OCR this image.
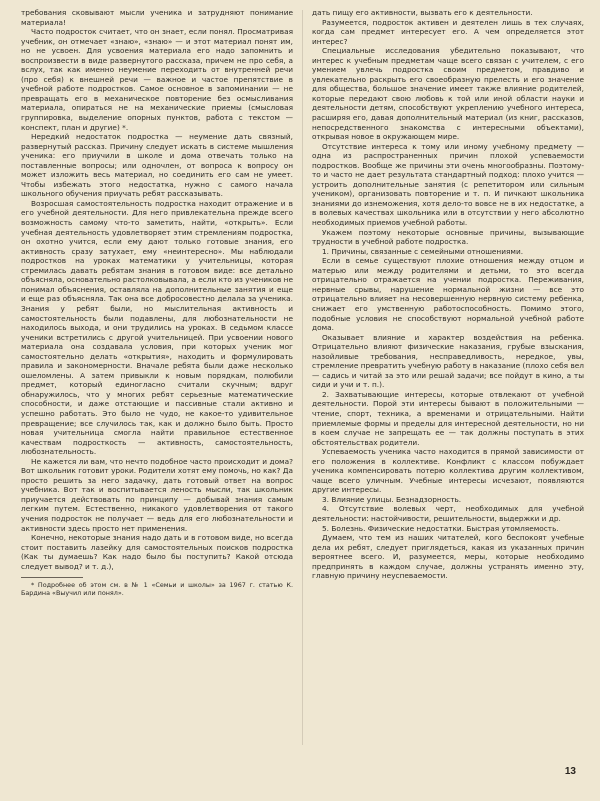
требования сковывают мысли ученика и затрудняют понимание материала!

Часто подросток считает, что он знает, если понял. Просматривая учебник, он отмечает «знаю», «знаю» — и этот материал понят им, но не усвоен. Для усвоения материала его надо запомнить и воспроизвести в виде развернутого рассказа, причем не про себя, а вслух, так как именно неумение переходить от внутренней речи (про себя) к внешней речи — важное и частое препятствие в учебной работе подростков. Самое основное в запоминании — не превращать его в механическое повторение без осмысливания материала, опираться не на механические приемы (смысловая группировка, выделение опорных пунктов, работа с текстом — конспект, план и другие) *.

Нередкий недостаток подростка — неумение дать связный, развернутый рассказ. Причину следует искать в системе мышления ученика: его приучили в школе и дома отвечать только на поставленные вопросы; или одночлен, от вопроса к вопросу он может изложить весь материал, но соединить его сам не умеет. Чтобы избежать этого недостатка, нужно с самого начала школьного обучения приучать ребят рассказывать.

Возросшая самостоятельность подростка находит отражение и в его учебной деятельности. Для него привлекательна прежде всего возможность самому что-то заметить, найти, «открыть». Если учебная деятельность удовлетворяет этим стремлениям подростка, он охотно учится, если ему дают только готовые знания, его активность сразу затухает, ему «неинтересно». Мы наблюдали подростков на уроках математики у учительницы, которая стремилась давать ребятам знания в готовом виде: все детально объясняла, основательно растолковывала, а если кто из учеников не понимал объяснения, оставляла на дополнительные занятия и еще и еще раз объясняла. Так она все добросовестно делала за ученика. Знания у ребят были, но мыслительная активность и самостоятельность были подавлены, для любознательности не находилось выхода, и они трудились на уроках. В седьмом классе ученики встретились с другой учительницей. При усвоении нового материала она создавала условия, при которых ученик мог самостоятельно делать «открытия», находить и формулировать правила и закономерности. Вначале ребята были даже несколько ошеломлены. А затем привыкли к новым порядкам, полюбили предмет, который единогласно считали скучным; вдруг обнаружилось, что у многих ребят серьезные математические способности, и даже отстающие и пассивные стали активно и успешно работать. Это было не чудо, не какое-то удивительное превращение; все случилось так, как и должно было быть. Просто новая учительница смогла найти правильное естественное качествам подросткость — активность, самостоятельность, любознательность.

Не кажется ли вам, что нечто подобное часто происходит и дома? Вот школьник готовит уроки. Родители хотят ему помочь, но как? Да просто решить за него задачку, дать готовый ответ на вопрос учебника. Вот так и воспитывается леность мысли, так школьник приучается действовать по принципу — добывай знания самым легким путем. Естественно, никакого удовлетворения от такого учения подросток не получает — ведь для его любознательности и активности здесь просто нет применения.

Конечно, некоторые знания надо дать и в готовом виде, но всегда стоит поставить лазейку для самостоятельных поисков подростка (Как ты думаешь? Как надо было бы поступить? Какой отсюда следует вывод? и т. д.),

* Подробнее об этом см. в № 1 «Семьи и школы» за 1967 г. статью К. Бардина «Выучил или понял».

дать пищу его активности, вызвать его к деятельности.

Разумеется, подросток активен и деятелен лишь в тех случаях, когда сам предмет интересует его. А чем определяется этот интерес?

Специальные исследования убедительно показывают, что интерес к учебным предметам чаще всего связан с учителем, с его умением увлечь подростка своим предметом, правдиво и увлекательно раскрыть его своеобразную прелесть и его значение для общества, большое значение имеет также влияние родителей, которые передают свою любовь к той или иной области науки и деятельности детям, способствуют укреплению учебного интереса, расширяя его, давая дополнительный материал (из книг, рассказов, непосредственного знакомства с интересными объектами), открывая новое в окружающем мире.

Отсутствие интереса к тому или иному учебному предмету — одна из распространенных причин плохой успеваемости подростков. Вообще же причины эти очень многообразны. Поэтому-то и часто не дает результата стандартный подход: плохо учится — устроить дополнительные занятия (с репетитором или сильным учеником), организовать повторение и т. п. И пичкают школьника знаниями до изнеможения, хотя дело-то вовсе не в их недостатке, а в волевых качествах школьника или в отсутствии у него абсолютно необходимых приемов учебной работы.

Укажем поэтому некоторые основные причины, вызывающие трудности в учебной работе подростка.

1. Причины, связанные с семейными отношениями.

Если в семье существуют плохие отношения между отцом и матерью или между родителями и детьми, то это всегда отрицательно отражается на учении подростка. Переживания, нервные срывы, нарушение нормальной жизни — все это отрицательно влияет на несовершенную нервную систему ребенка, снижает его умственную работоспособность. Помимо этого, подобные условия не способствуют нормальной учебной работе дома.

Оказывает влияние и характер воздействия на ребенка. Отрицательно влияют физические наказания, грубые взыскания, назойливые требования, несправедливость, нередкое, увы, стремление превратить учебную работу в наказание (плохо себя вел — садись и читай за это или решай задачи; все пойдут в кино, а ты сиди и учи и т. п.).

2. Захватывающие интересы, которые отвлекают от учебной деятельности. Порой эти интересы бывают в положительными — чтение, спорт, техника, а временами и отрицательными. Найти приемлемые формы и пределы для интересной деятельности, но ни в коем случае не запрещать ее — так должны поступать в этих обстоятельствах родители.

Успеваемость ученика часто находится в прямой зависимости от его положения в коллективе. Конфликт с классом побуждает ученика компенсировать потерю коллектива другим коллективом, чаще всего уличным. Учебные интересы исчезают, появляются другие интересы.

3. Влияние улицы. Безнадзорность.

4. Отсутствие волевых черт, необходимых для учебной деятельности: настойчивости, решительности, выдержки и др.

5. Болезнь. Физические недостатки. Быстрая утомляемость.

Думаем, что тем из наших читателей, кого беспокоят учебные дела их ребят, следует приглядеться, какая из указанных причин вероятнее всего. И, разумеется, меры, которые необходимо предпринять в каждом случае, должны устранять именно эту, главную причину неуспеваемости.

13
